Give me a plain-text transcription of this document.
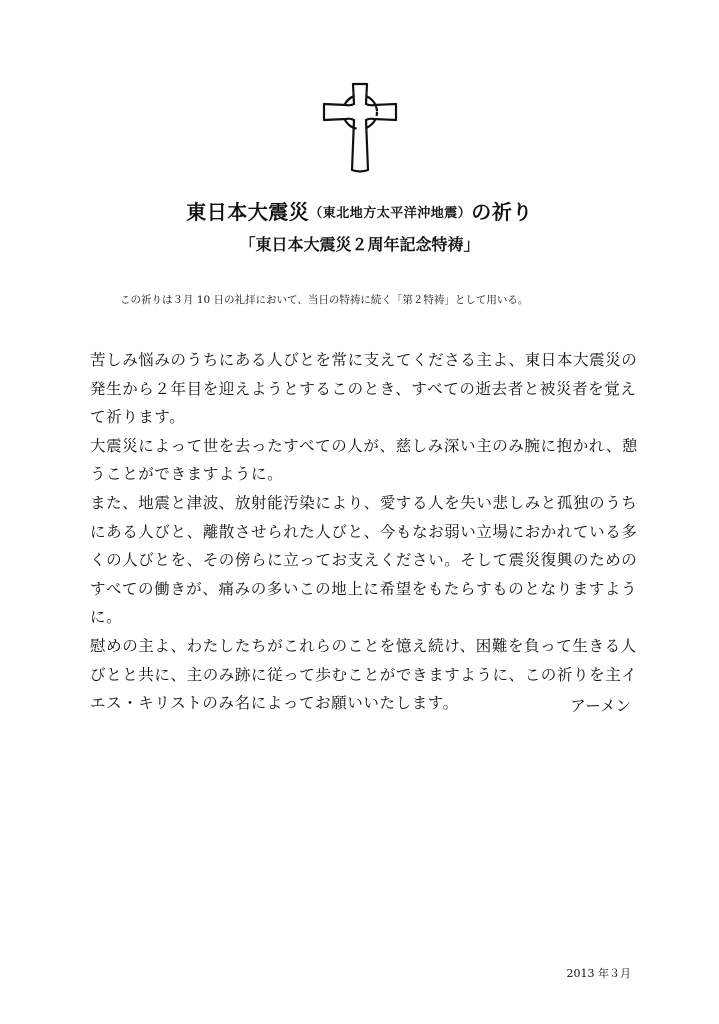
東日本大震災（東北地方太平洋沖地震）の祈り
「東日本大震災２周年記念特祷」
この祈りは３月 10 日の礼拝において、当日の特祷に続く「第２特祷」として用いる。

苦しみ悩みのうちにある人びとを常に支えてくださる主よ、東日本大震災の発生から２年目を迎えようとするこのとき、すべての逝去者と被災者を覚えて祈ります。

大震災によって世を去ったすべての人が、慈しみ深い主のみ腕に抱かれ、憩うことができますように。

また、地震と津波、放射能汚染により、愛する人を失い悲しみと孤独のうちにある人びと、離散させられた人びと、今もなお弱い立場におかれている多くの人びとを、その傍らに立ってお支えください。そして震災復興のためのすべての働きが、痛みの多いこの地上に希望をもたらすものとなりますように。

慰めの主よ、わたしたちがこれらのことを憶え続け、困難を負って生きる人びとと共に、主のみ跡に従って歩むことができますように、この祈りを主イエス・キリストのみ名によってお願いいたします。	アーメン
2013 年３月
